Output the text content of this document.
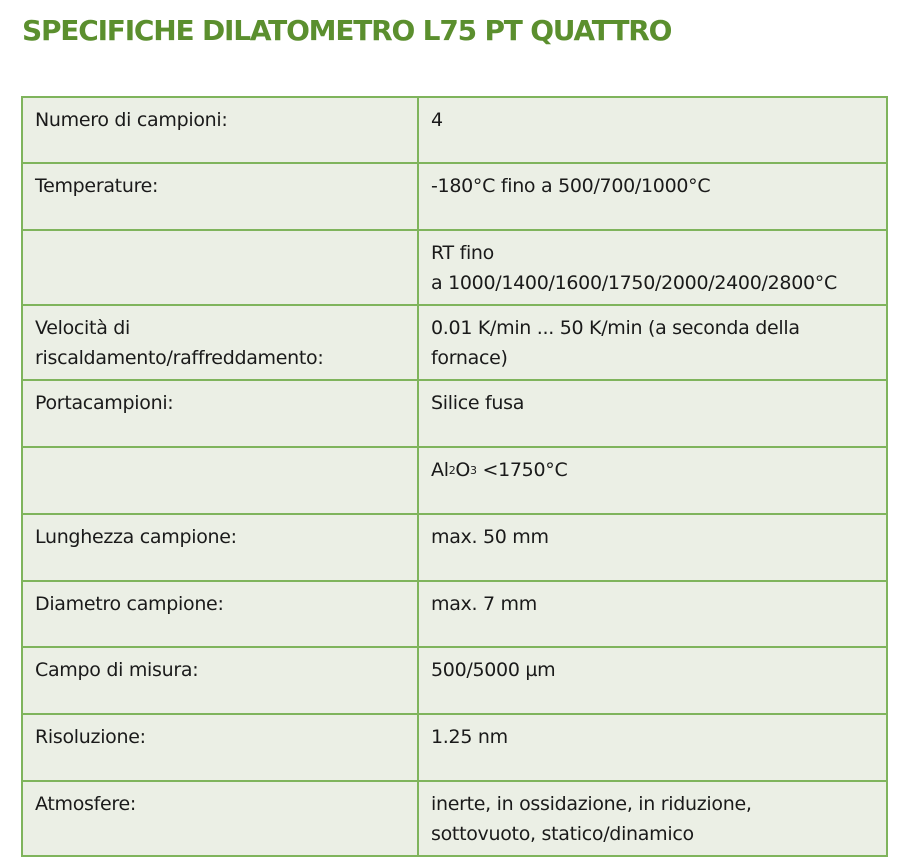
SPECIFICHE DILATOMETRO L75 PT QUATTRO
Numero di campioni:	4
Temperature:	-180°C fino a 500/700/1000°C
	RT fino
a 1000/1400/1600/1750/2000/2400/2800°C
Velocità di
riscaldamento/raffreddamento:	0.01 K/min ... 50 K/min (a seconda della
fornace)
Portacampioni:	Silice fusa
	$Al_2O_3 <1750^\circ C$
Lunghezza campione:	max. 50 mm
Diametro campione:	max. 7 mm
Campo di misura:	500/5000 µm
Risoluzione:	1.25 nm
Atmosfere:	inerte, in ossidazione, in riduzione,
sottovuoto, statico/dinamico
